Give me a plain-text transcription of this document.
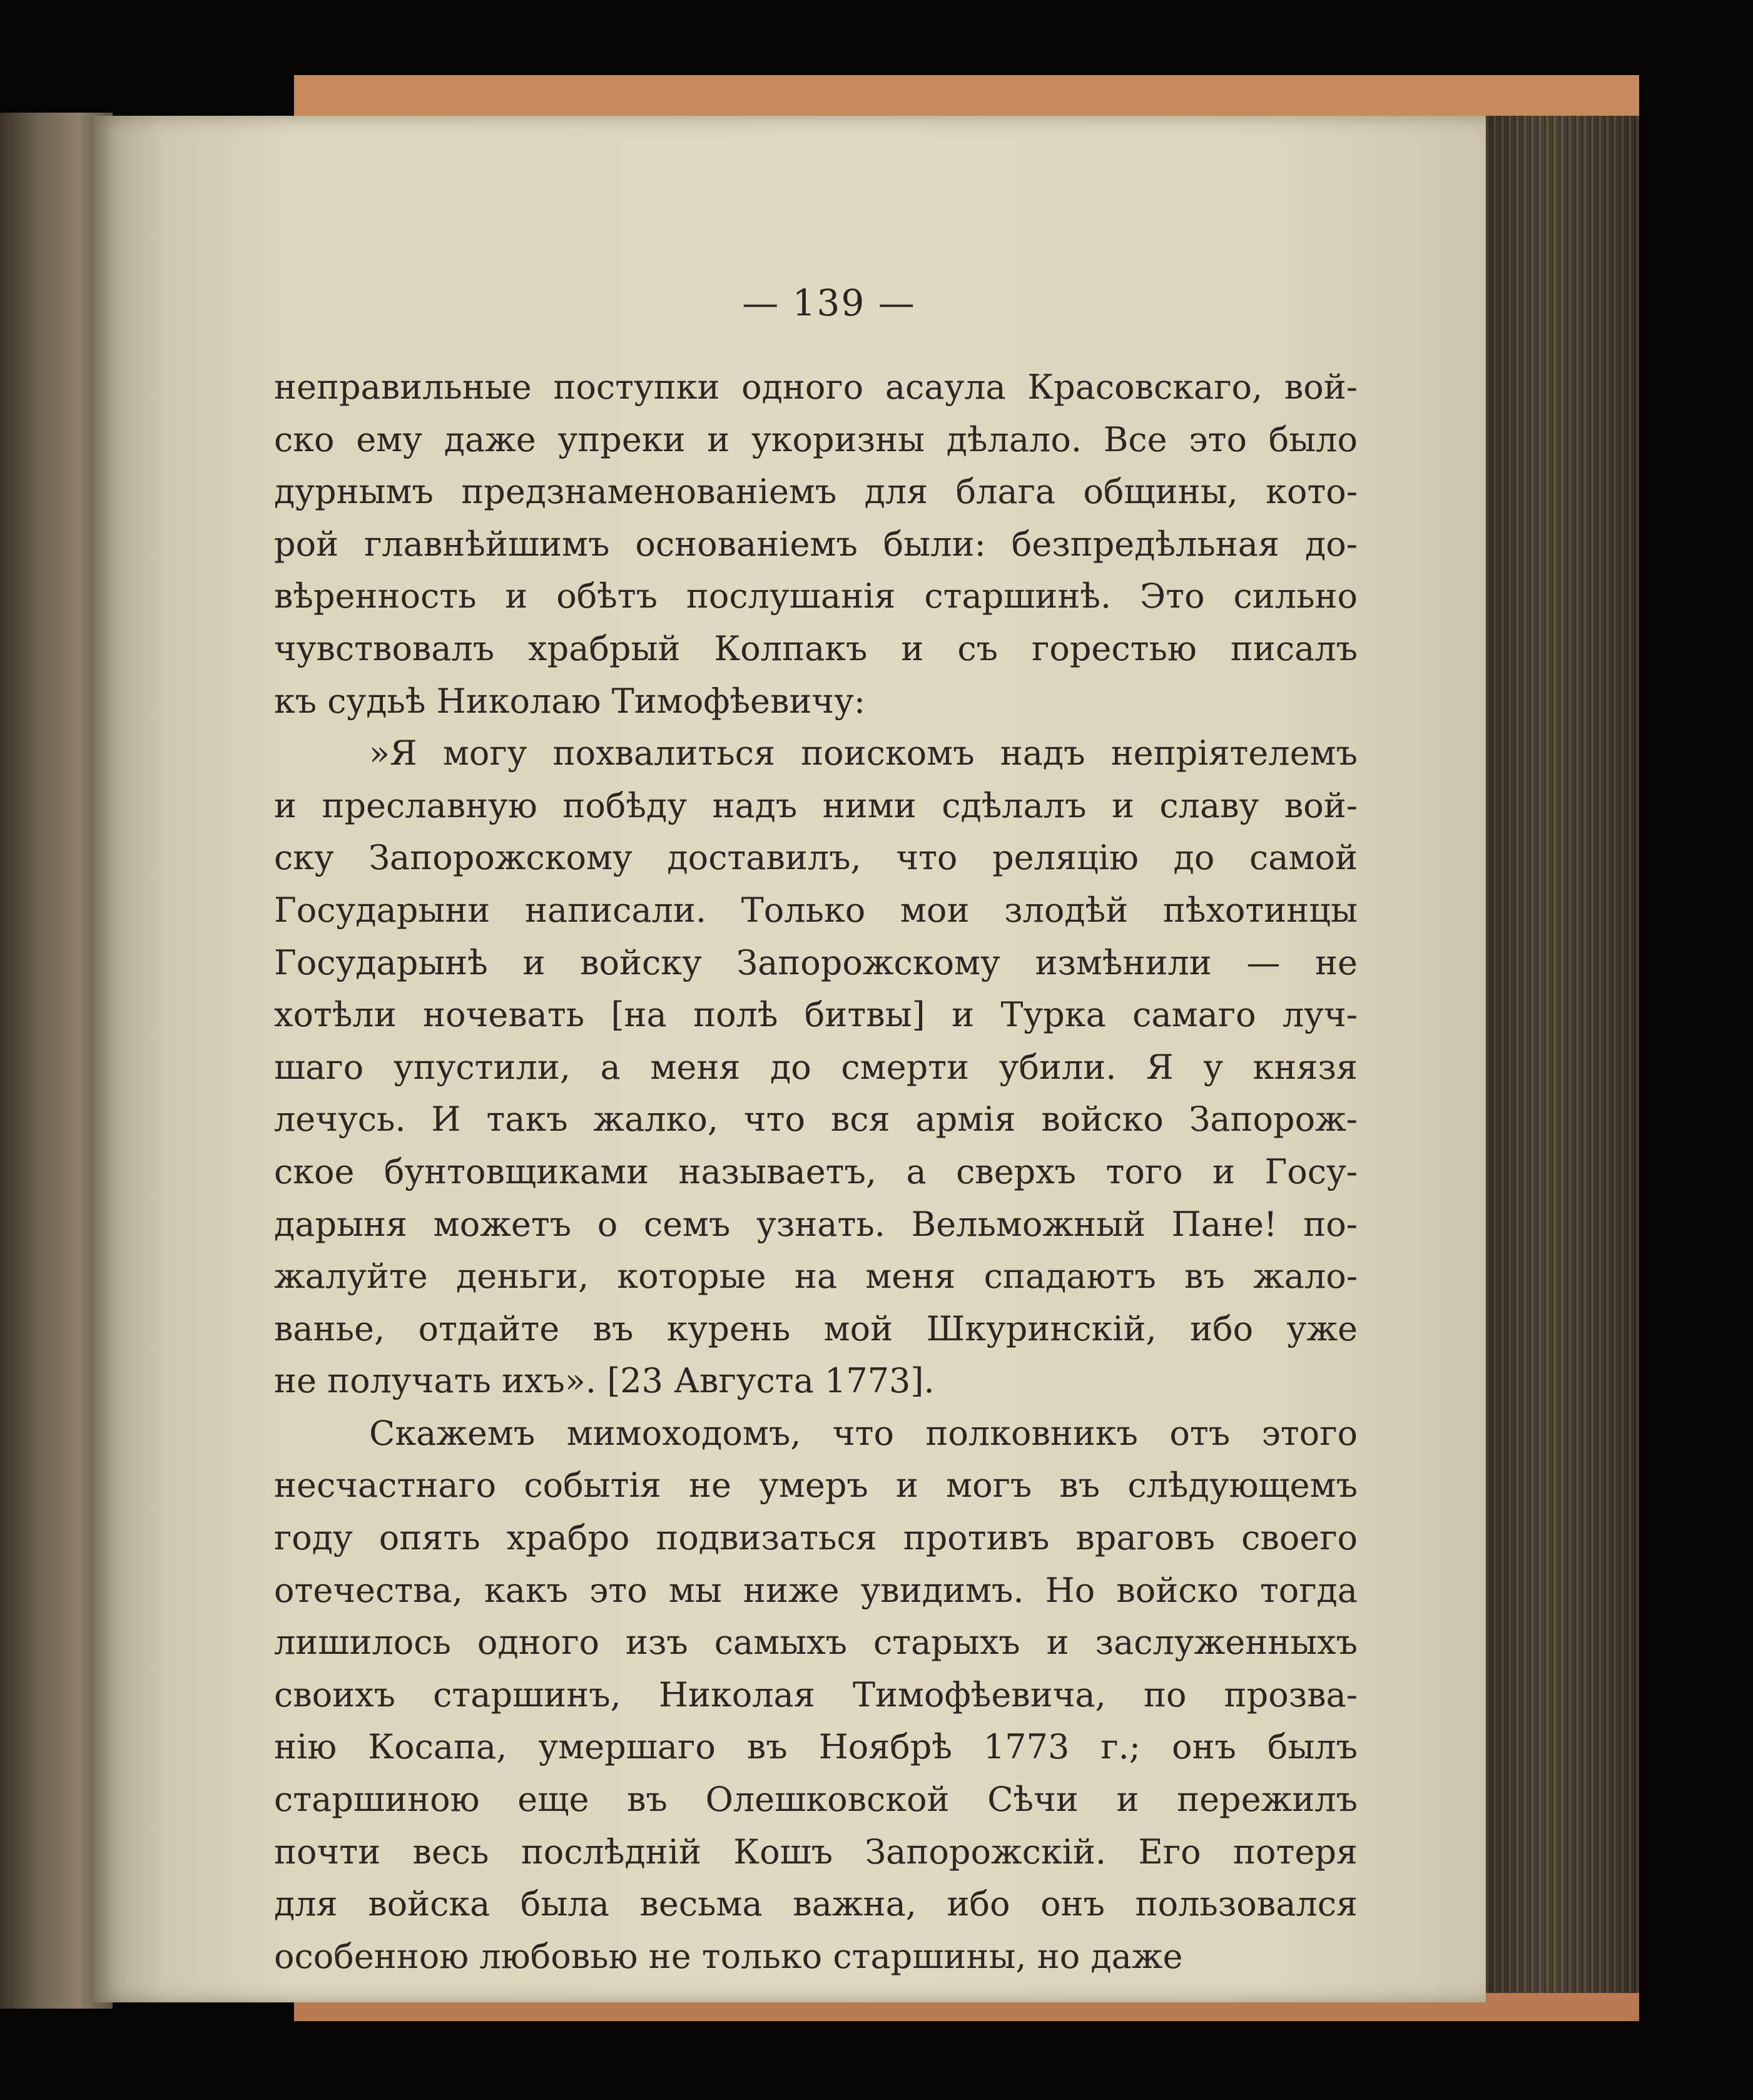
— 139 —
неправильные поступки одного асаула Красовскаго, вой-
ско ему даже упреки и укоризны дѣлало. Все это было
дурнымъ предзнаменованіемъ для блага общины, кото-
рой главнѣйшимъ основаніемъ были: безпредѣльная до-
вѣренность и обѣтъ послушанія старшинѣ. Это сильно
чувствовалъ храбрый Колпакъ и съ горестью писалъ
къ судьѣ Николаю Тимофѣевичу:
»Я могу похвалиться поискомъ надъ непріятелемъ
и преславную побѣду надъ ними сдѣлалъ и славу вой-
ску Запорожскому доставилъ, что реляцію до самой
Государыни написали. Только мои злодѣй пѣхотинцы
Государынѣ и войску Запорожскому измѣнили — не
хотѣли ночевать [на полѣ битвы] и Турка самаго луч-
шаго упустили, а меня до смерти убили. Я у князя
лечусь. И такъ жалко, что вся армія войско Запорож-
ское бунтовщиками называетъ, а сверхъ того и Госу-
дарыня можетъ о семъ узнать. Вельможный Пане! по-
жалуйте деньги, которые на меня спадаютъ въ жало-
ванье, отдайте въ курень мой Шкуринскій, ибо уже
не получать ихъ». [23 Августа 1773].
Скажемъ мимоходомъ, что полковникъ отъ этого
несчастнаго событія не умеръ и могъ въ слѣдующемъ
году опять храбро подвизаться противъ враговъ своего
отечества, какъ это мы ниже увидимъ. Но войско тогда
лишилось одного изъ самыхъ старыхъ и заслуженныхъ
своихъ старшинъ, Николая Тимофѣевича, по прозва-
нію Косапа, умершаго въ Ноябрѣ 1773 г.; онъ былъ
старшиною еще въ Олешковской Сѣчи и пережилъ
почти весь послѣдній Кошъ Запорожскій. Его потеря
для войска была весьма важна, ибо онъ пользовался
особенною любовью не только старшины, но даже
